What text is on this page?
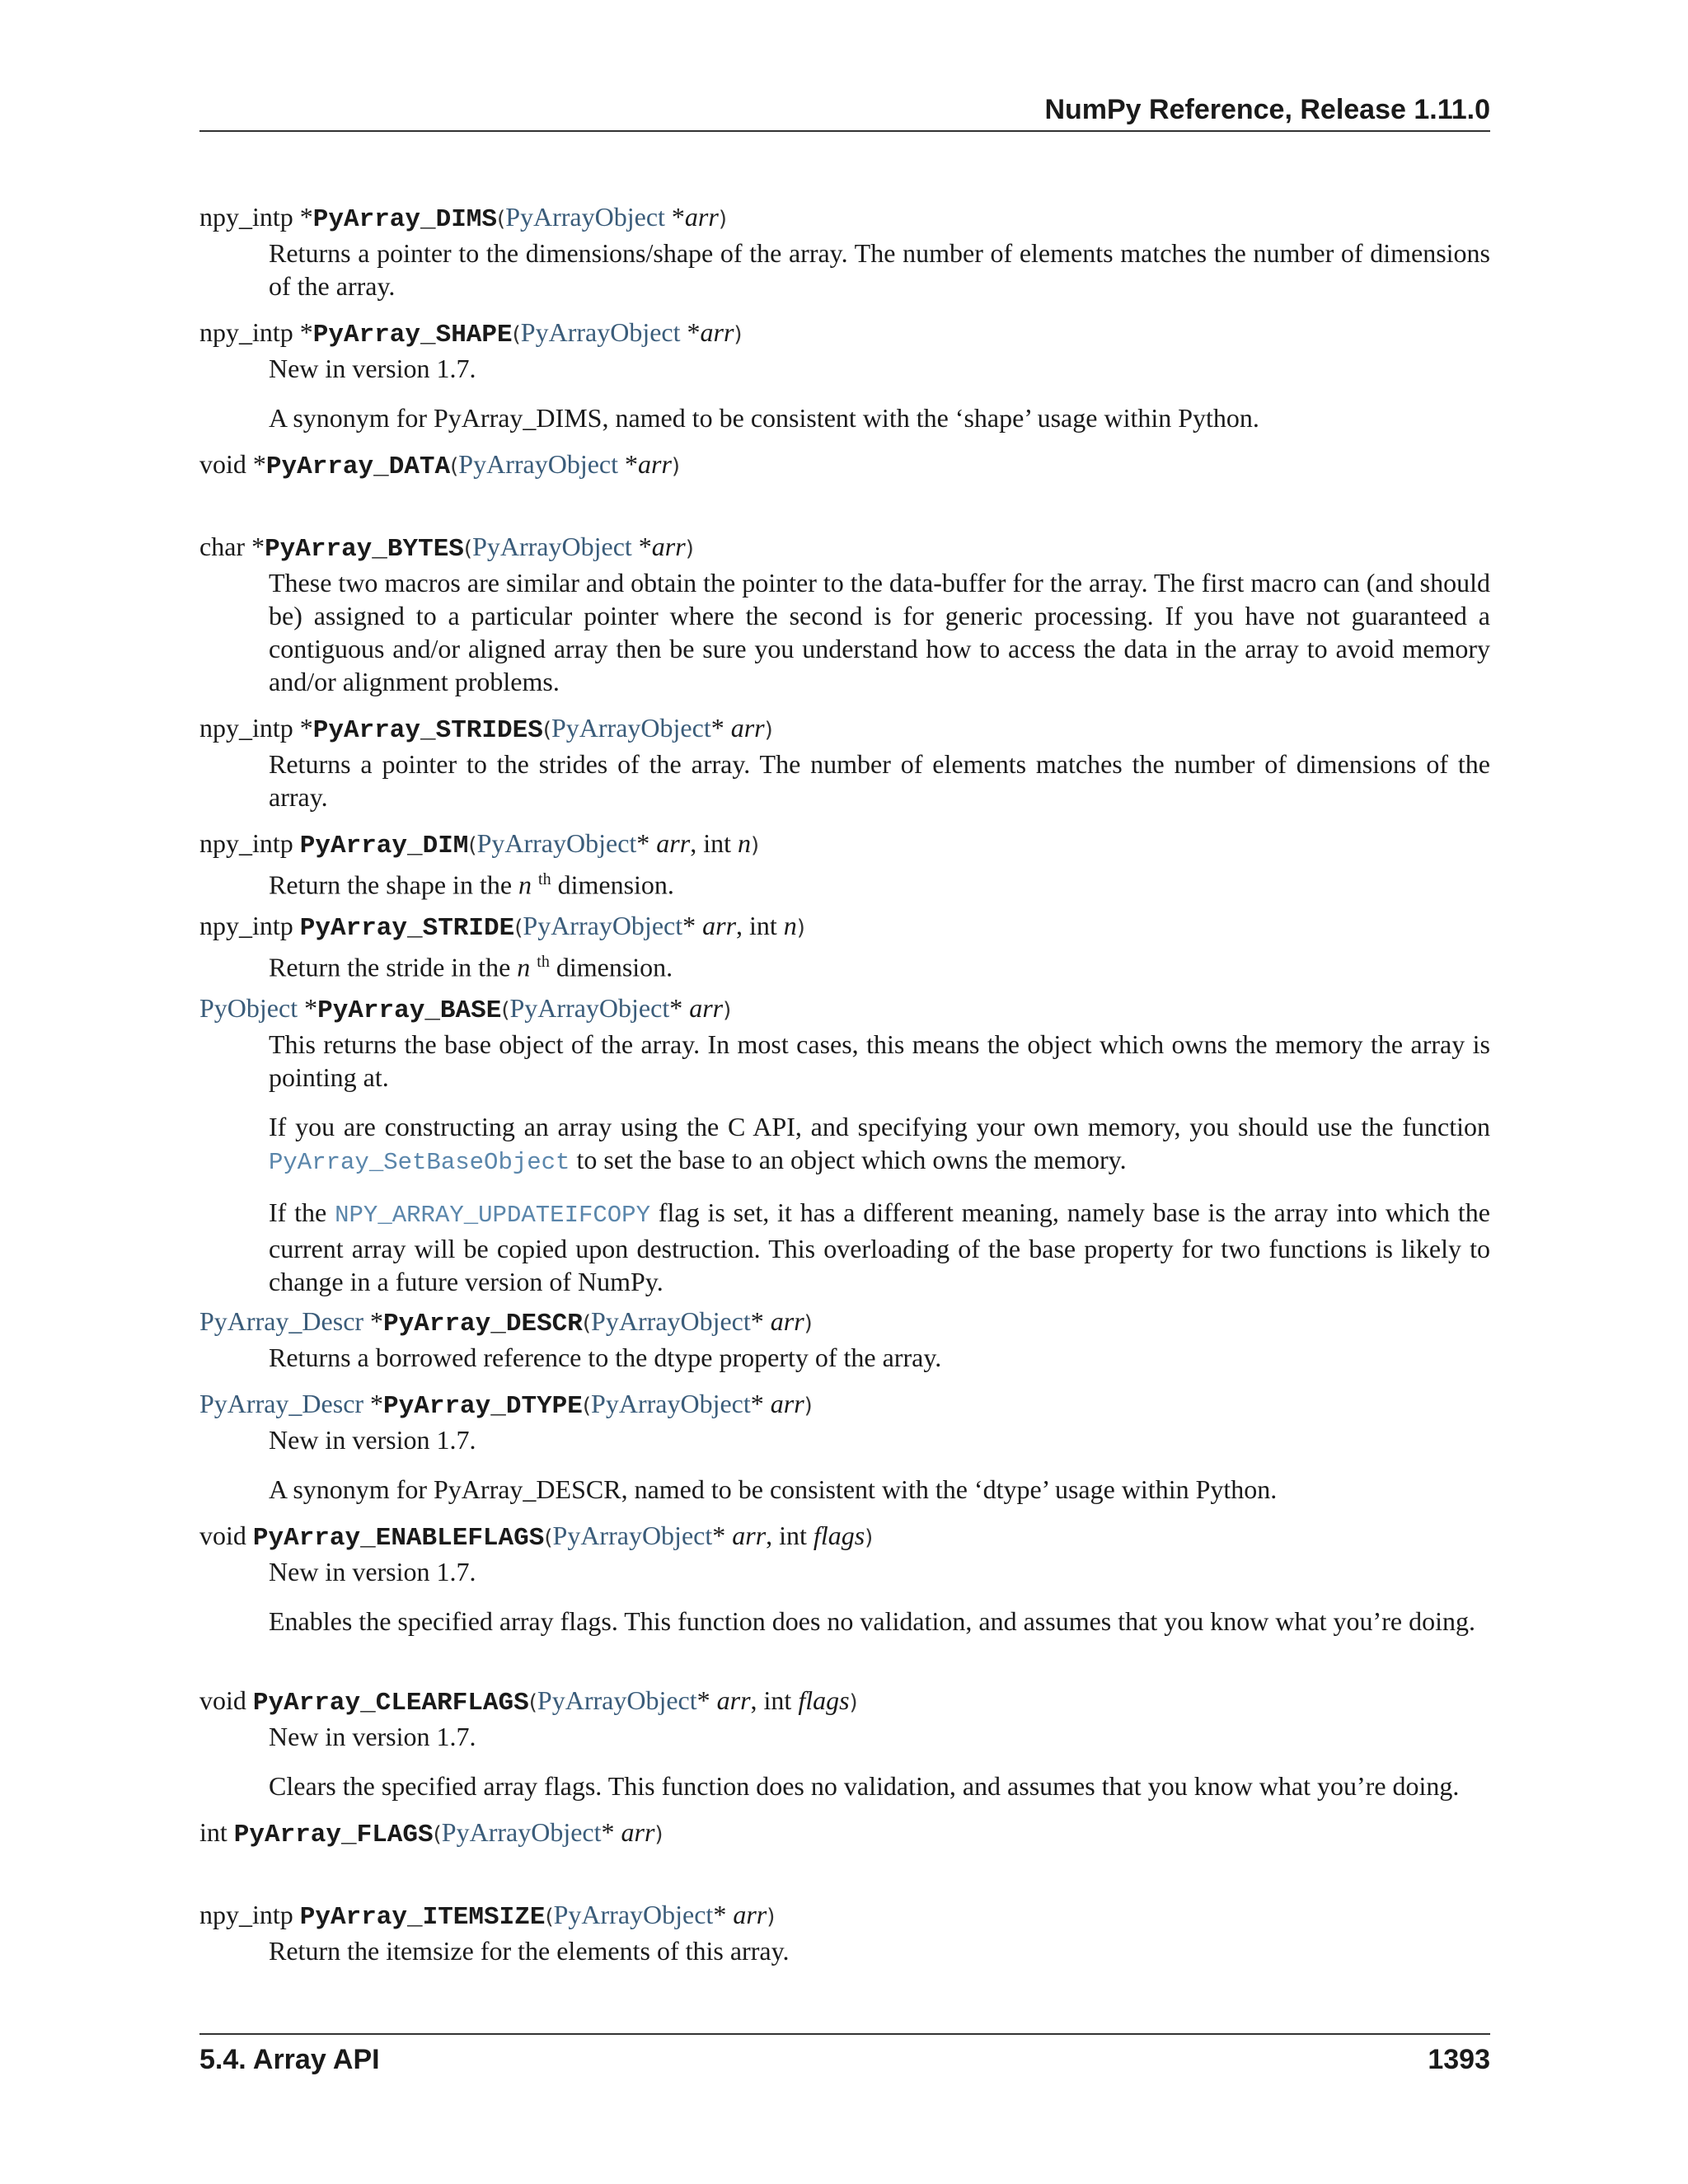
NumPy Reference, Release 1.11.0
npy_intp *PyArray_DIMS(PyArrayObject *arr)

Returns a pointer to the dimensions/shape of the array. The number of elements matches the number of dimensions of the array.

npy_intp *PyArray_SHAPE(PyArrayObject *arr)

New in version 1.7.

A synonym for PyArray_DIMS, named to be consistent with the ‘shape’ usage within Python.

void *PyArray_DATA(PyArrayObject *arr)
char *PyArray_BYTES(PyArrayObject *arr)

These two macros are similar and obtain the pointer to the data-buffer for the array. The first macro can (and should be) assigned to a particular pointer where the second is for generic processing. If you have not guaranteed a contiguous and/or aligned array then be sure you understand how to access the data in the array to avoid memory and/or alignment problems.

npy_intp *PyArray_STRIDES(PyArrayObject* arr)

Returns a pointer to the strides of the array. The number of elements matches the number of dimensions of the array.

npy_intp PyArray_DIM(PyArrayObject* arr, int n)

Return the shape in the n $^{th}$ dimension.

npy_intp PyArray_STRIDE(PyArrayObject* arr, int n)

Return the stride in the n $^{th}$ dimension.

PyObject *PyArray_BASE(PyArrayObject* arr)

This returns the base object of the array. In most cases, this means the object which owns the memory the array is pointing at.

If you are constructing an array using the C API, and specifying your own memory, you should use the function PyArray_SetBaseObject to set the base to an object which owns the memory.

If the NPY_ARRAY_UPDATEIFCOPY flag is set, it has a different meaning, namely base is the array into which the current array will be copied upon destruction. This overloading of the base property for two functions is likely to change in a future version of NumPy.

PyArray_Descr *PyArray_DESCR(PyArrayObject* arr)

Returns a borrowed reference to the dtype property of the array.

PyArray_Descr *PyArray_DTYPE(PyArrayObject* arr)

New in version 1.7.

A synonym for PyArray_DESCR, named to be consistent with the ‘dtype’ usage within Python.

void PyArray_ENABLEFLAGS(PyArrayObject* arr, int flags)

New in version 1.7.

Enables the specified array flags. This function does no validation, and assumes that you know what you’re doing.

void PyArray_CLEARFLAGS(PyArrayObject* arr, int flags)

New in version 1.7.

Clears the specified array flags. This function does no validation, and assumes that you know what you’re doing.

int PyArray_FLAGS(PyArrayObject* arr)
npy_intp PyArray_ITEMSIZE(PyArrayObject* arr)

Return the itemsize for the elements of this array.

5.4. Array API	1393
